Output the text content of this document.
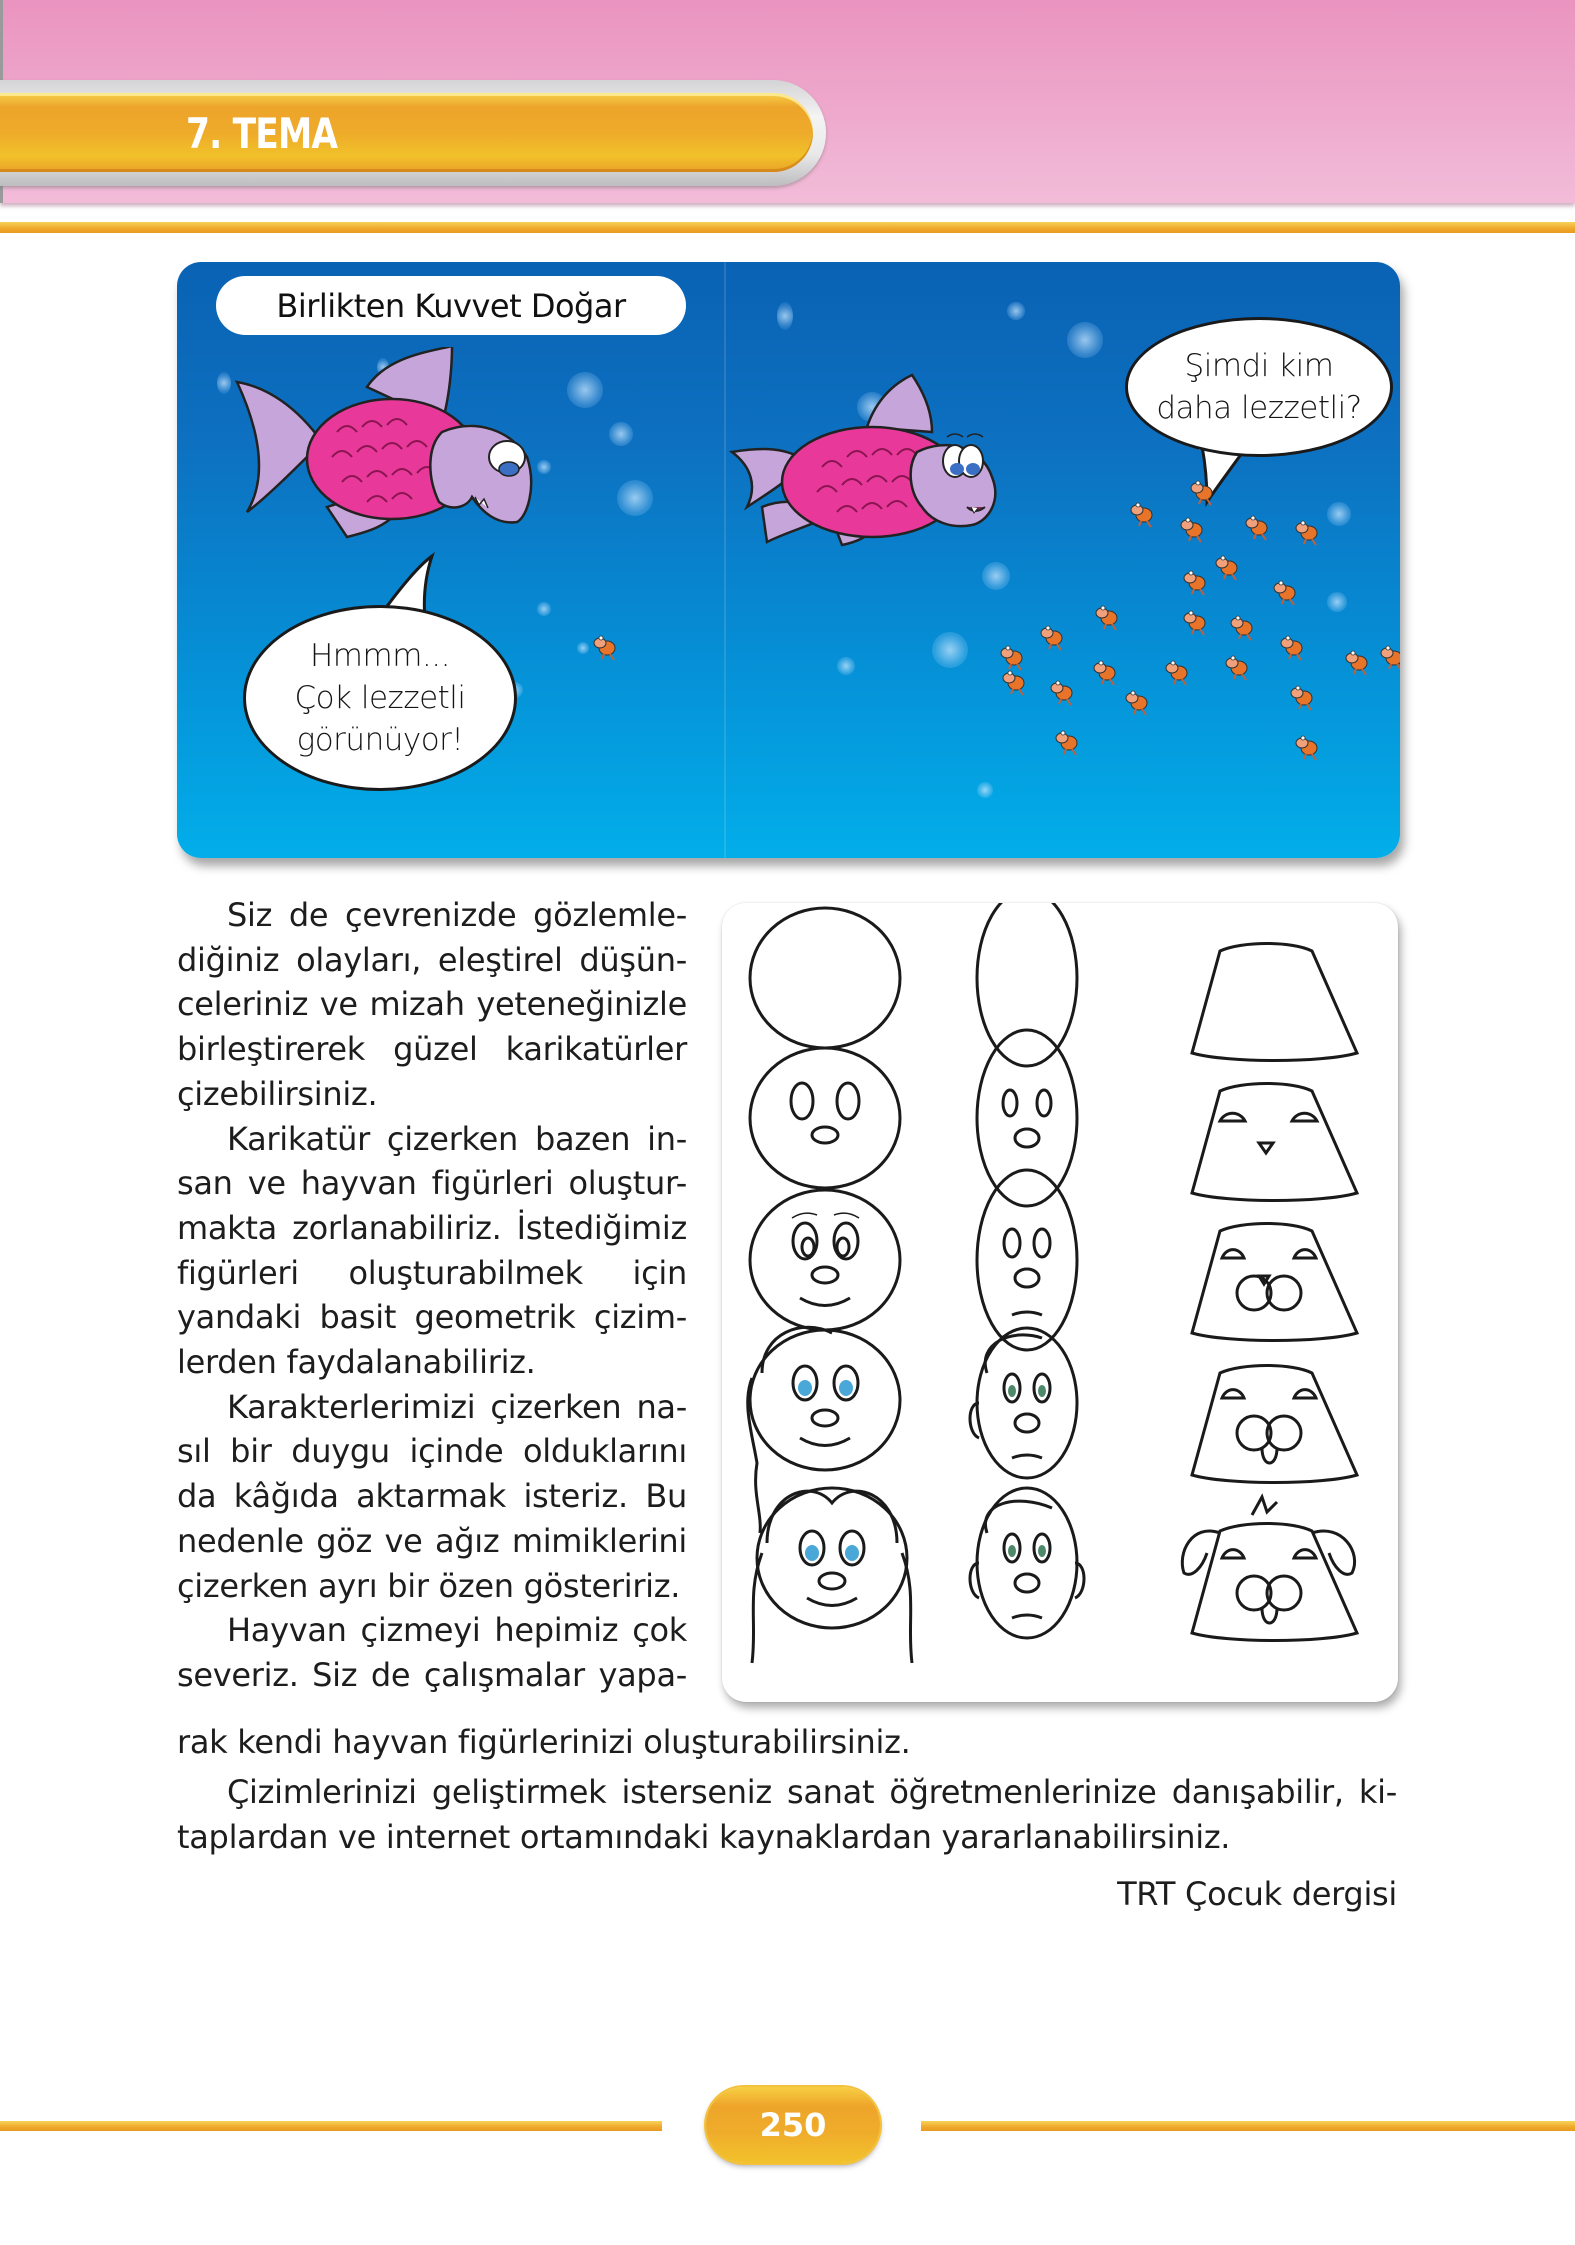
7. TEMA
Birlikten Kuvvet Doğar
Hmmm...
Çok lezzetli
görünüyor!
Şimdi kim
daha lezzetli?
Siz de çevrenizde gözlemle-
diğiniz olayları, eleştirel düşün-
celeriniz ve mizah yeteneğinizle
birleştirerek güzel karikatürler
çizebilirsiniz.
Karikatür çizerken bazen in-
san ve hayvan figürleri oluştur-
makta zorlanabiliriz. İstediğimiz
figürleri oluşturabilmek için
yandaki basit geometrik çizim-
lerden faydalanabiliriz.
Karakterlerimizi çizerken na-
sıl bir duygu içinde olduklarını
da kâğıda aktarmak isteriz. Bu
nedenle göz ve ağız mimiklerini
çizerken ayrı bir özen gösteririz.
Hayvan çizmeyi hepimiz çok
severiz. Siz de çalışmalar yapa-
rak kendi hayvan figürlerinizi oluşturabilirsiniz.
Çizimlerinizi geliştirmek isterseniz sanat öğretmenlerinize danışabilir, ki-
taplardan ve internet ortamındaki kaynaklardan yararlanabilirsiniz.
TRT Çocuk dergisi
250
